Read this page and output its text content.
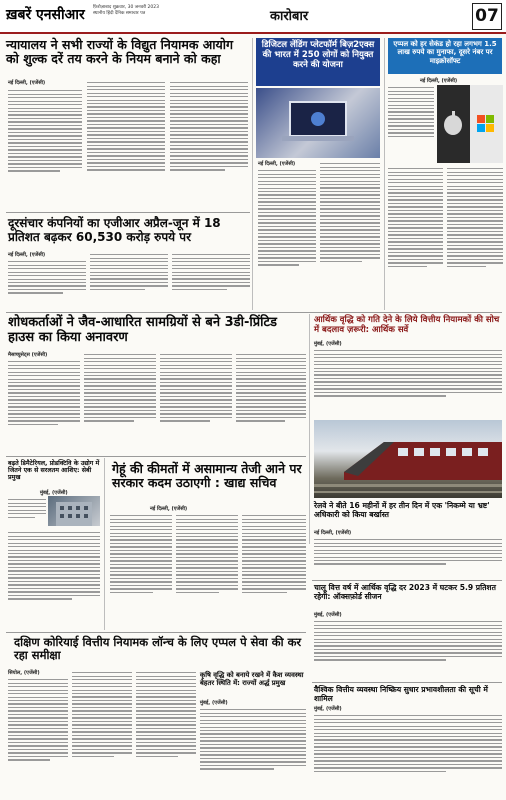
ख़बरें एनसीआर फ़िरोज़ाबाद शुक्रवार, 30 जनवरी 2023
स्थानीय हिंदी दैनिक समाचार पत्र	कारोबार	07
न्यायालय ने सभी राज्यों के विद्युत नियामक आयोग को शुल्क दरें तय करने के नियम बनाने को कहा
नई दिल्ली, (एजेंसी)
दूरसंचार कंपनियों का एजीआर अप्रैल-जून में 18 प्रतिशत बढ़कर 60,530 करोड़ रुपये पर
नई दिल्ली, (एजेंसी)
डिजिटल लेंडिंग प्लेटफॉर्म बिज़2एक्स की भारत में 250 लोगों को नियुक्त करने की योजना
नई दिल्ली, (एजेंसी)
एप्पल को हर सेकंड हो रहा लगभग 1.5 लाख रुपये का मुनाफा, दूसरे नंबर पर माइक्रोसॉफ्ट
नई दिल्ली, (एजेंसी)
शोधकर्ताओं ने जैव-आधारित सामग्रियों से बने 3डी-प्रिंटिड हाउस का किया अनावरण
मैसाच्युसेट्स (एजेंसी)
आर्थिक वृद्धि को गति देने के लिये वित्तीय नियामकों की सोच में बदलाव ज़रूरी: आर्थिक सर्वे
मुंबई, (एजेंसी)
रेलवे ने बीते 16 महीनों में हर तीन दिन में एक 'निकम्मे या भ्रष्ट' अधिकारी को किया बर्खास्त
नई दिल्ली, (एजेंसी)
बढ़ते डिमैटेरियल, प्रोडक्टिवि के उद्योग में जितने एक से सरलतम आशिए: सेबी प्रमुख
मुंबई, (एजेंसी)
गेहूं की कीमतों में असामान्य तेजी आने पर सरकार कदम उठाएगी : खाद्य सचिव
नई दिल्ली, (एजेंसी)
चालू वित्त वर्ष में आर्थिक वृद्धि दर 2023 में घटकर 5.9 प्रतिशत रहेगी: ऑक्सफ़ोर्ड सीजन
मुंबई, (एजेंसी)
दक्षिण कोरियाई वित्तीय नियामक लॉन्च के लिए एप्पल पे सेवा की कर रहा समीक्षा
सियोल, (एजेंसी)	कृषि वृद्धि को बनाये रखने में कैश व्यवस्था बेहतर स्थिति में: राज्यों अर्द्ध प्रमुख
मुंबई, (एजेंसी)
वैश्विक वित्तीय व्यवस्था निष्क्रिय सुधार प्रभावशीलता की सूची में शामिल
मुंबई, (एजेंसी)
